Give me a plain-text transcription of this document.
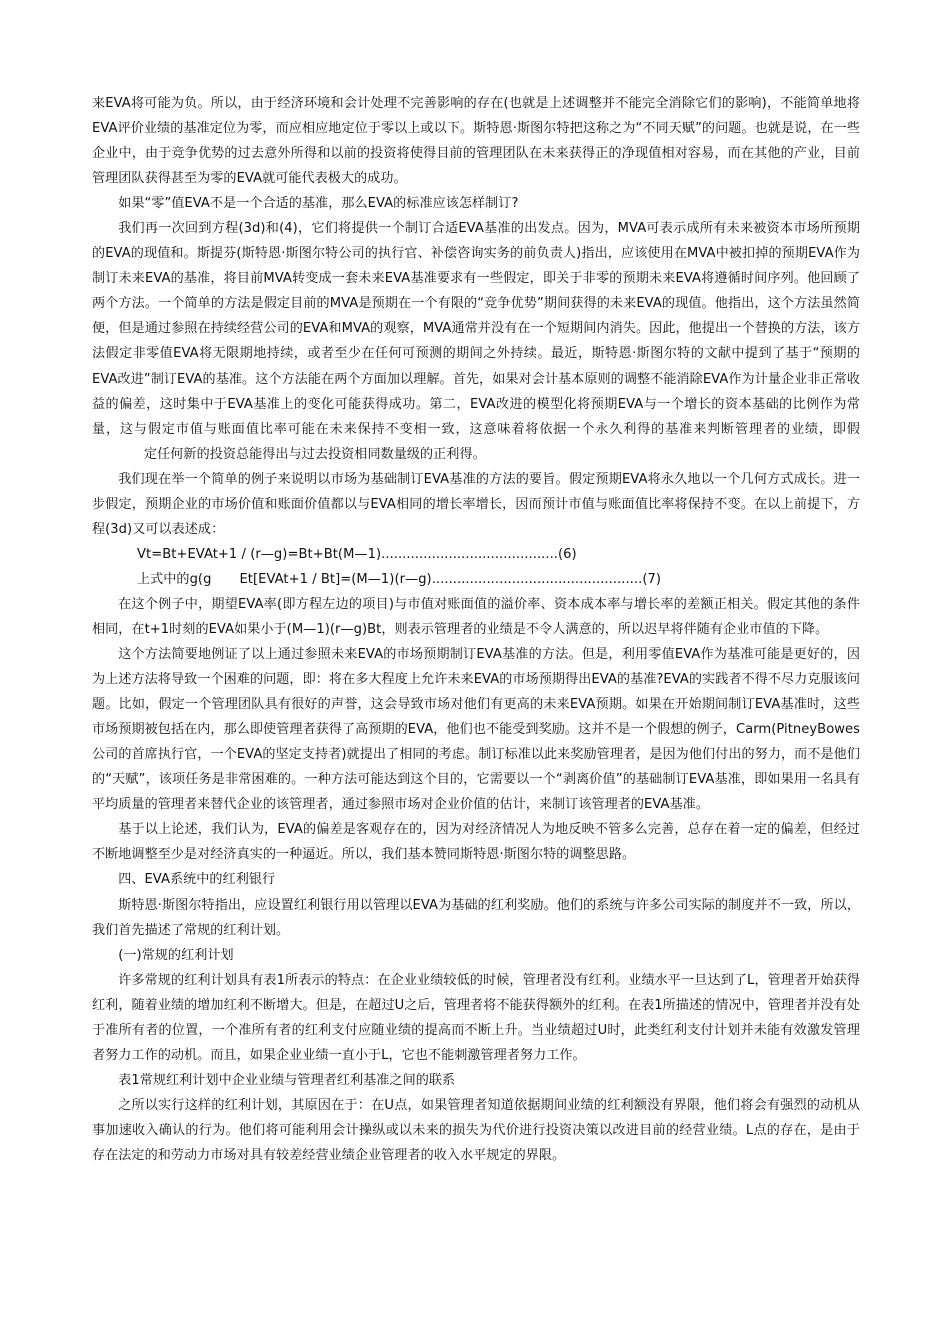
来EVA将可能为负。所以，由于经济环境和会计处理不完善影响的存在(也就是上述调整并不能完全消除它们的影响)，不能简单地将EVA评价业绩的基准定位为零，而应相应地定位于零以上或以下。斯特恩·斯图尔特把这称之为“不同天赋”的问题。也就是说，在一些企业中，由于竞争优势的过去意外所得和以前的投资将使得目前的管理团队在未来获得正的净现值相对容易，而在其他的产业，目前管理团队获得甚至为零的EVA就可能代表极大的成功。

如果“零”值EVA不是一个合适的基准，那么EVA的标准应该怎样制订?

我们再一次回到方程(3d)和(4)，它们将提供一个制订合适EVA基准的出发点。因为，MVA可表示成所有未来被资本市场所预期的EVA的现值和。斯提芬(斯特恩·斯图尔特公司的执行官、补偿咨询实务的前负责人)指出，应该使用在MVA中被扣掉的预期EVA作为制订未来EVA的基准，将目前MVA转变成一套未来EVA基准要求有一些假定，即关于非零的预期未来EVA将遵循时间序列。他回顾了两个方法。一个简单的方法是假定目前的MVA是预期在一个有限的“竞争优势”期间获得的未来EVA的现值。他指出，这个方法虽然简便，但是通过参照在持续经营公司的EVA和MVA的观察，MVA通常并没有在一个短期间内消失。因此，他提出一个替换的方法，该方法假定非零值EVA将无限期地持续，或者至少在任何可预测的期间之外持续。最近，斯特恩·斯图尔特的文献中提到了基于“预期的EVA改进”制订EVA的基准。这个方法能在两个方面加以理解。首先，如果对会计基本原则的调整不能消除EVA作为计量企业非正常收益的偏差，这时集中于EVA基准上的变化可能获得成功。第二，EVA改进的模型化将预期EVA与一个增长的资本基础的比例作为常量，这与假定市值与账面值比率可能在未来保持不变相一致，这意味着将依据一个永久利得的基准来判断管理者的业绩，即假定任何新的投资总能得出与过去投资相同数量级的正利得。

我们现在举一个简单的例子来说明以市场为基础制订EVA基准的方法的要旨。假定预期EVA将永久地以一个几何方式成长。进一步假定，预期企业的市场价值和账面价值都以与EVA相同的增长率增长，因而预计市值与账面值比率将保持不变。在以上前提下，方程(3d)又可以表述成：

Vt=Bt+EVAt+1 / (r—g)=Bt+Bt(M—1)..........................................(6)

上式中的g(g Et[EVAt+1 / Bt]=(M—1)(r—g)..................................................(7)

在这个例子中，期望EVA率(即方程左边的项目)与市值对账面值的溢价率、资本成本率与增长率的差额正相关。假定其他的条件相同，在t+1时刻的EVA如果小于(M—1)(r—g)Bt，则表示管理者的业绩是不令人满意的，所以迟早将伴随有企业市值的下降。

这个方法简要地例证了以上通过参照未来EVA的市场预期制订EVA基准的方法。但是，利用零值EVA作为基准可能是更好的，因为上述方法将导致一个困难的问题，即：将在多大程度上允许未来EVA的市场预期得出EVA的基准?EVA的实践者不得不尽力克服该问题。比如，假定一个管理团队具有很好的声誉，这会导致市场对他们有更高的未来EVA预期。如果在开始期间制订EVA基准时，这些市场预期被包括在内，那么即使管理者获得了高预期的EVA，他们也不能受到奖励。这并不是一个假想的例子，Carm(PitneyBowes公司的首席执行官，一个EVA的坚定支持者)就提出了相同的考虑。制订标准以此来奖励管理者，是因为他们付出的努力，而不是他们的“天赋”，该项任务是非常困难的。一种方法可能达到这个目的，它需要以一个“剥离价值”的基础制订EVA基准，即如果用一名具有平均质量的管理者来替代企业的该管理者，通过参照市场对企业价值的估计，来制订该管理者的EVA基准。

基于以上论述，我们认为，EVA的偏差是客观存在的，因为对经济情况人为地反映不管多么完善，总存在着一定的偏差，但经过不断地调整至少是对经济真实的一种逼近。所以，我们基本赞同斯特恩·斯图尔特的调整思路。

四、EVA系统中的红利银行

斯特恩·斯图尔特指出，应设置红利银行用以管理以EVA为基础的红利奖励。他们的系统与许多公司实际的制度并不一致，所以，我们首先描述了常规的红利计划。

(一)常规的红利计划

许多常规的红利计划具有表1所表示的特点：在企业业绩较低的时候，管理者没有红利。业绩水平一旦达到了L，管理者开始获得红利，随着业绩的增加红利不断增大。但是，在超过U之后，管理者将不能获得额外的红利。在表1所描述的情况中，管理者并没有处于准所有者的位置，一个准所有者的红利支付应随业绩的提高而不断上升。当业绩超过U时，此类红利支付计划并未能有效激发管理者努力工作的动机。而且，如果企业业绩一直小于L，它也不能刺激管理者努力工作。

表1常规红利计划中企业业绩与管理者红利基准之间的联系

之所以实行这样的红利计划，其原因在于：在U点，如果管理者知道依据期间业绩的红利额没有界限，他们将会有强烈的动机从事加速收入确认的行为。他们将可能利用会计操纵或以未来的损失为代价进行投资决策以改进目前的经营业绩。L点的存在，是由于存在法定的和劳动力市场对具有较差经营业绩企业管理者的收入水平规定的界限。
